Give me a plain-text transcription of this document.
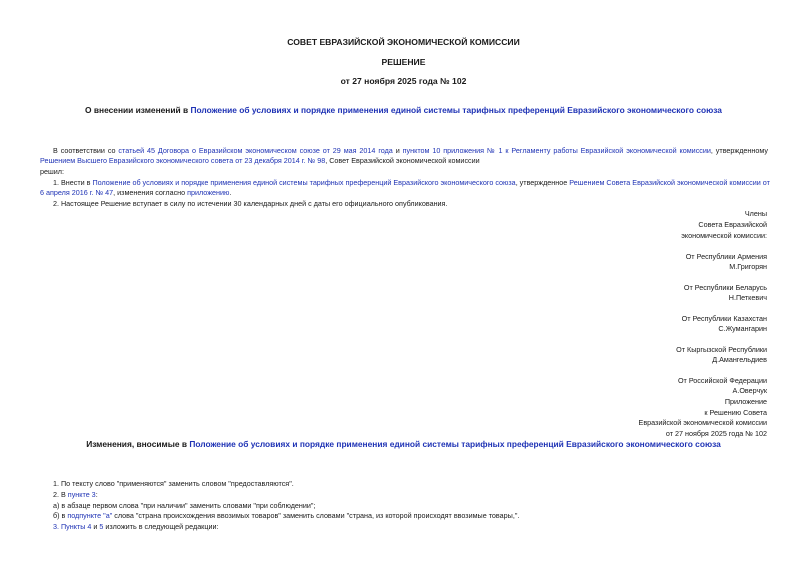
СОВЕТ ЕВРАЗИЙСКОЙ ЭКОНОМИЧЕСКОЙ КОМИССИИ
РЕШЕНИЕ
от 27 ноября 2025 года № 102
О внесении изменений в Положение об условиях и порядке применения единой системы тарифных преференций Евразийского экономического союза
В соответствии со статьей 45 Договора о Евразийском экономическом союзе от 29 мая 2014 года и пунктом 10 приложения № 1 к Регламенту работы Евразийской экономической комиссии, утвержденному
Решением Высшего Евразийского экономического совета от 23 декабря 2014 г. № 98, Совет Евразийской экономической комиссии
решил:
1. Внести в Положение об условиях и порядке применения единой системы тарифных преференций Евразийского экономического союза, утвержденное Решением Совета Евразийской экономической комиссии от
6 апреля 2016 г. № 47, изменения согласно приложению.
2. Настоящее Решение вступает в силу по истечении 30 календарных дней с даты его официального опубликования.
Члены
Совета Евразийской
экономической комиссии:
От Республики Армения
М.Григорян
От Республики Беларусь
Н.Петкевич
От Республики Казахстан
С.Жумангарин
От Кыргызской Республики
Д.Амангельдиев
От Российской Федерации
А.Оверчук
Приложение
к Решению Совета
Евразийской экономической комиссии
от 27 ноября 2025 года № 102
Изменения, вносимые в Положение об условиях и порядке применения единой системы тарифных преференций Евразийского экономического союза
1. По тексту слово "применяются" заменить словом "предоставляются".
2. В пункте 3:
а) в абзаце первом слова "при наличии" заменить словами "при соблюдении";
б) в подпункте "а" слова "страна происхождения ввозимых товаров" заменить словами "страна, из которой происходят ввозимые товары,".
3. Пункты 4 и 5 изложить в следующей редакции:
